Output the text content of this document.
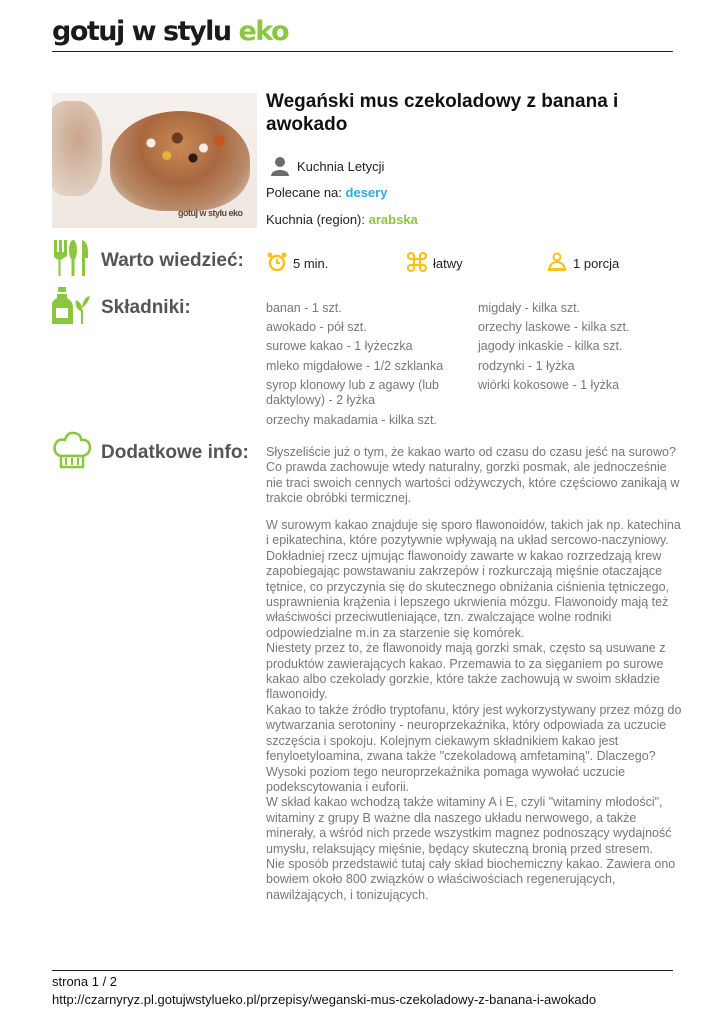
gotuj w stylu eko
gotuj w stylu eko
Wegański mus czekoladowy z banana i awokado
Kuchnia Letycji
Polecane na: desery
Kuchnia (region): arabska
Warto wiedzieć:	5 min.	łatwy	1 porcja
Składniki:	banan - 1 szt.
awokado - pół szt.
surowe kakao - 1 łyżeczka
mleko migdałowe - 1/2 szklanka
syrop klonowy lub z agawy (lub daktylowy) - 2 łyżka
orzechy makadamia - kilka szt.
migdały - kilka szt.
orzechy laskowe - kilka szt.
jagody inkaskie - kilka szt.
rodzynki - 1 łyżka
wiórki kokosowe - 1 łyżka
Dodatkowe info: Słyszeliście już o tym, że kakao warto od czasu do czasu jeść na surowo? Co prawda zachowuje wtedy naturalny, gorzki posmak, ale jednocześnie nie traci swoich cennych wartości odżywczych, które częściowo zanikają w trakcie obróbki termicznej.

W surowym kakao znajduje się sporo flawonoidów, takich jak np. katechina i epikatechina, które pozytywnie wpływają na układ sercowo-naczyniowy. Dokładniej rzecz ujmując flawonoidy zawarte w kakao rozrzedzają krew zapobiegając powstawaniu zakrzepów i rozkurczają mięśnie otaczające tętnice, co przyczynia się do skutecznego obniżania ciśnienia tętniczego, usprawnienia krążenia i lepszego ukrwienia mózgu. Flawonoidy mają też właściwości przeciwutleniające, tzn. zwalczające wolne rodniki odpowiedzialne m.in za starzenie się komórek.
Niestety przez to, że flawonoidy mają gorzki smak, często są usuwane z produktów zawierających kakao. Przemawia to za sięganiem po surowe kakao albo czekolady gorzkie, które także zachowują w swoim składzie flawonoidy.
Kakao to także źródło tryptofanu, który jest wykorzystywany przez mózg do wytwarzania serotoniny - neuroprzekaźnika, który odpowiada za uczucie szczęścia i spokoju. Kolejnym ciekawym składnikiem kakao jest fenyloetyloamina, zwana także "czekoladową amfetaminą". Dlaczego? Wysoki poziom tego neuroprzekaźnika pomaga wywołać uczucie podekscytowania i euforii.
W skład kakao wchodzą także witaminy A i E, czyli "witaminy młodości", witaminy z grupy B ważne dla naszego układu nerwowego, a także minerały, a wśród nich przede wszystkim magnez podnoszący wydajność umysłu, relaksujący mięśnie, będący skuteczną bronią przed stresem.
Nie sposób przedstawić tutaj cały skład biochemiczny kakao. Zawiera ono bowiem około 800 związków o właściwościach regenerujących, nawilżających, i tonizujących.

strona 1 / 2
http://czarnyryz.pl.gotujwstylueko.pl/przepisy/weganski-mus-czekoladowy-z-banana-i-awokado
